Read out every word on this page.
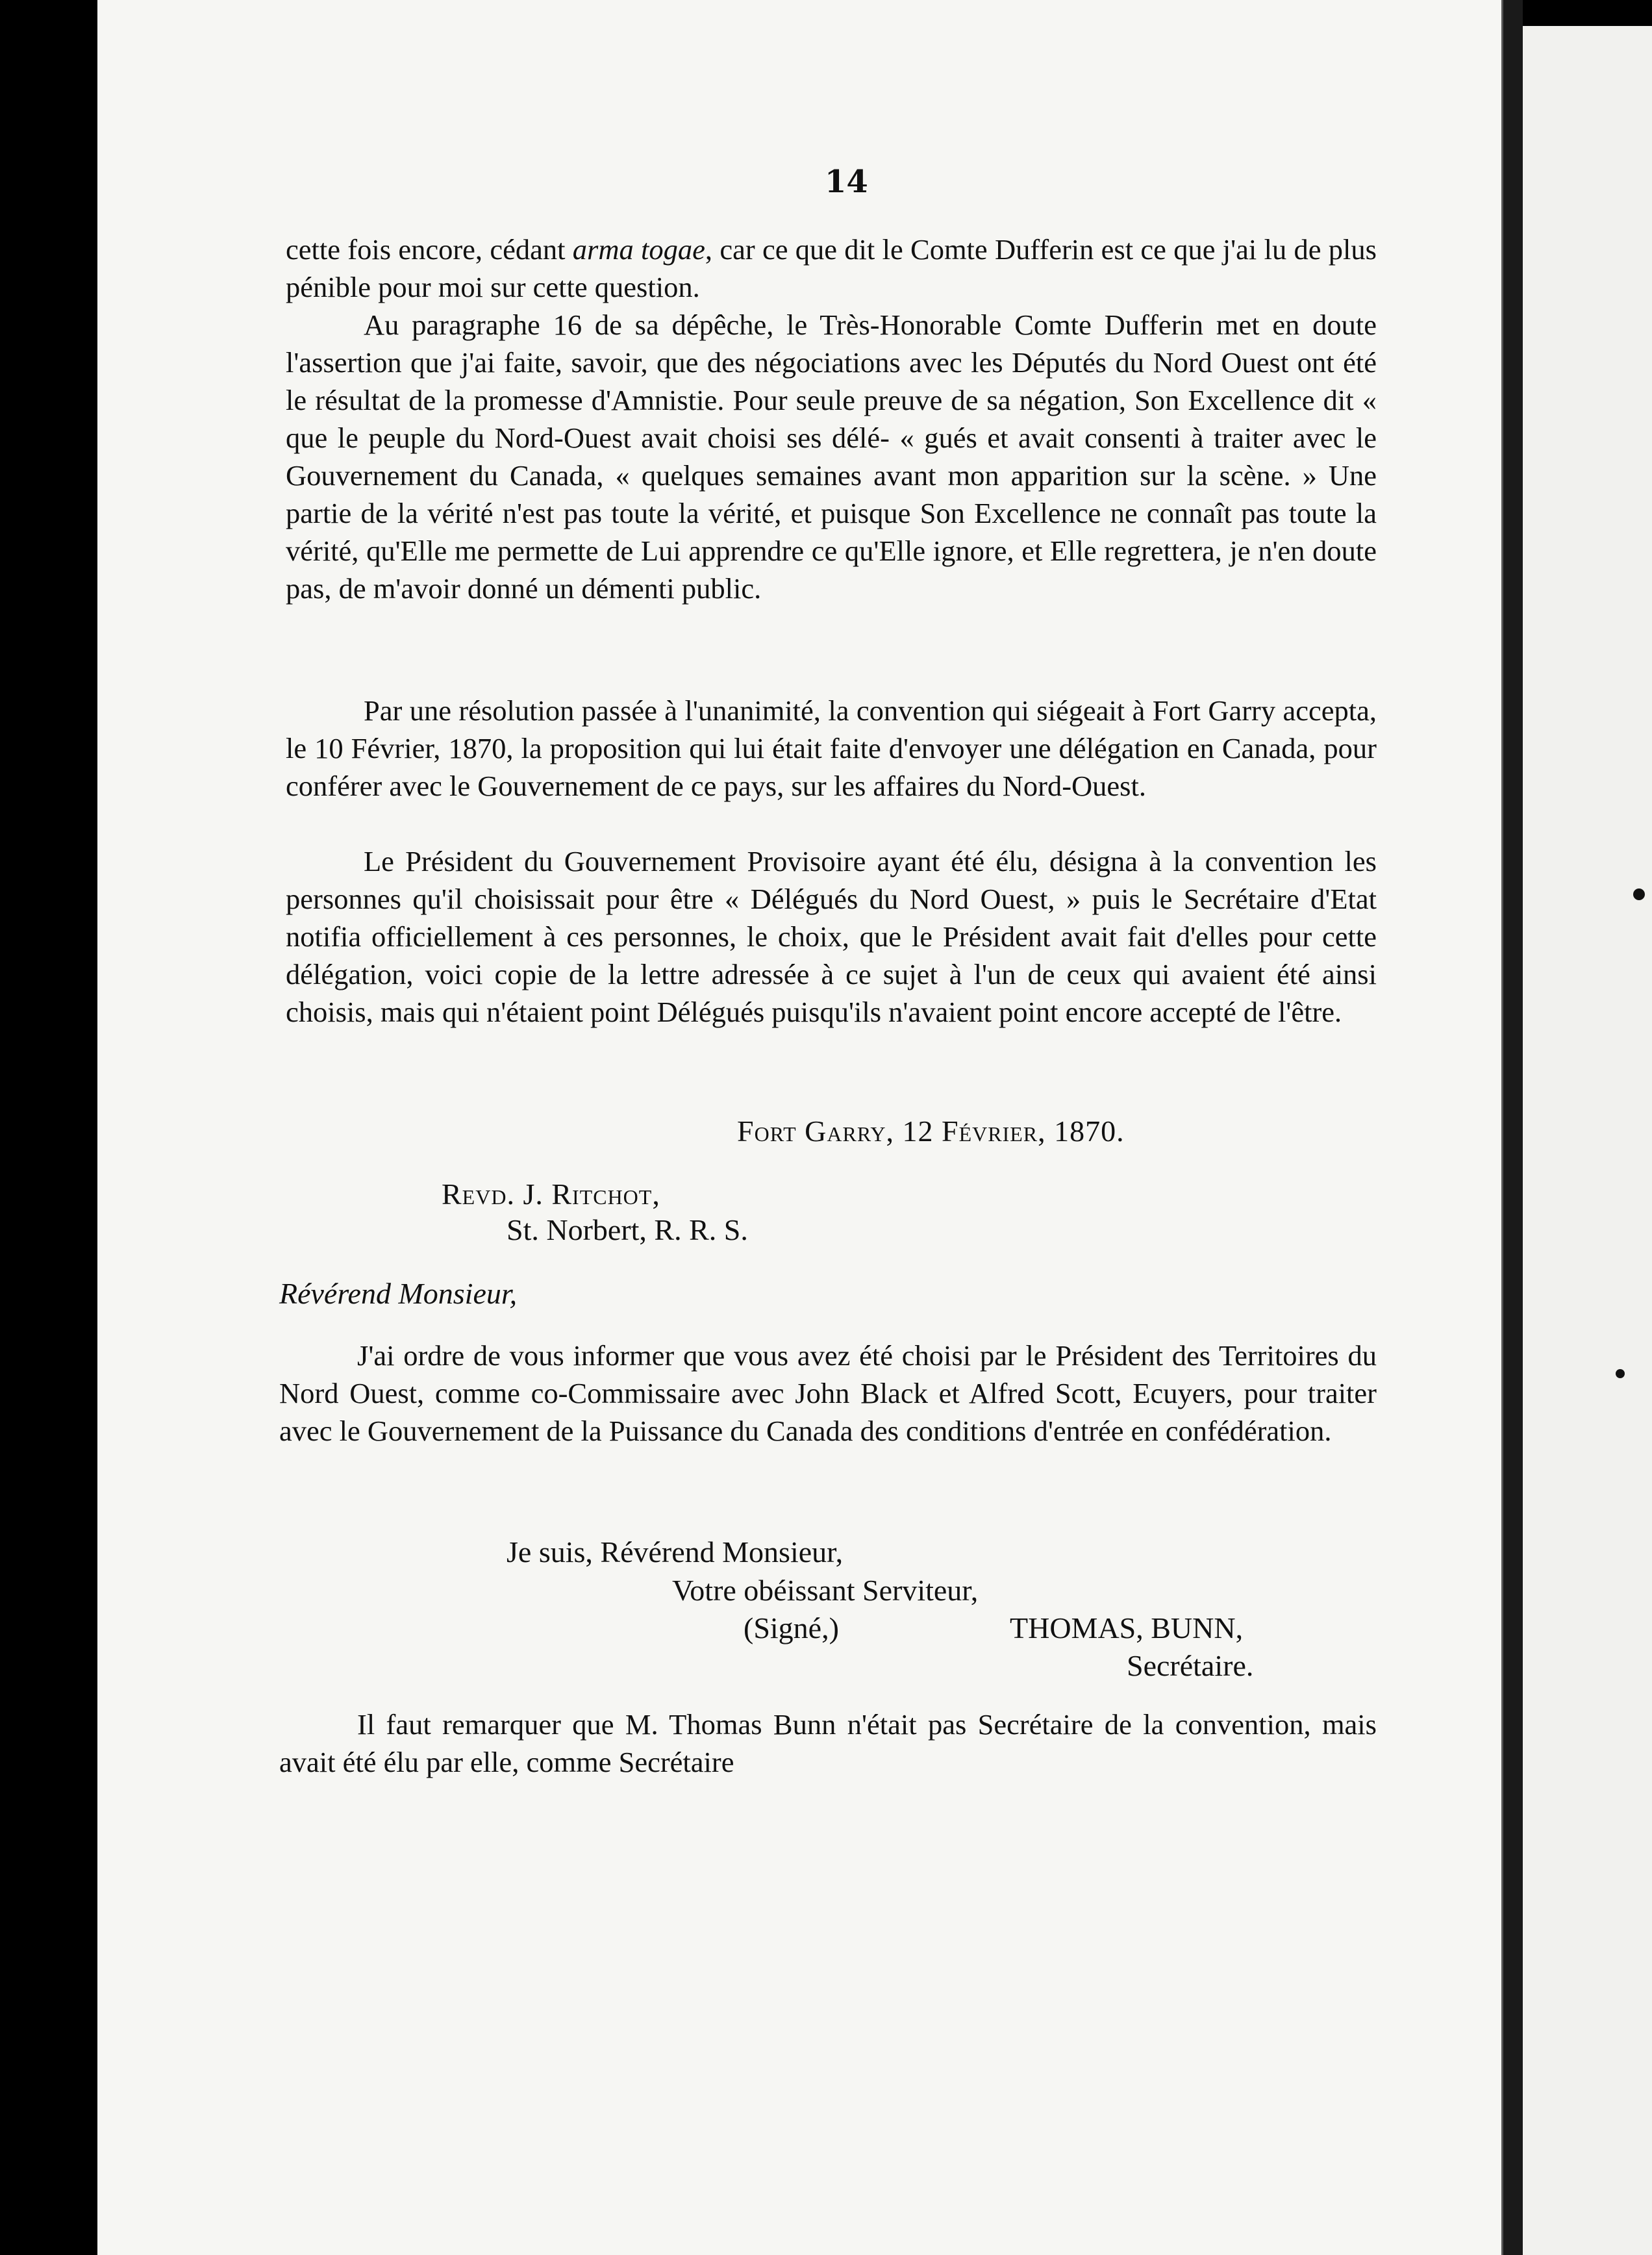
14

cette fois encore, cédant arma togae, car ce que dit le Comte Dufferin est ce que j'ai lu de plus pénible pour moi sur cette question.

Au paragraphe 16 de sa dépêche, le Très-Honorable Comte Dufferin met en doute l'assertion que j'ai faite, savoir, que des négociations avec les Députés du Nord Ouest ont été le résultat de la promesse d'Amnistie. Pour seule preuve de sa négation, Son Excellence dit « que le peuple du Nord-Ouest avait choisi ses délé- « gués et avait consenti à traiter avec le Gouvernement du Canada, « quelques semaines avant mon apparition sur la scène. » Une partie de la vérité n'est pas toute la vérité, et puisque Son Excellence ne connaît pas toute la vérité, qu'Elle me permette de Lui apprendre ce qu'Elle ignore, et Elle regrettera, je n'en doute pas, de m'avoir donné un démenti public.

Par une résolution passée à l'unanimité, la convention qui siégeait à Fort Garry accepta, le 10 Février, 1870, la proposition qui lui était faite d'envoyer une délégation en Canada, pour conférer avec le Gouvernement de ce pays, sur les affaires du Nord-Ouest.

Le Président du Gouvernement Provisoire ayant été élu, désigna à la convention les personnes qu'il choisissait pour être « Délégués du Nord Ouest, » puis le Secrétaire d'Etat notifia officiellement à ces personnes, le choix, que le Président avait fait d'elles pour cette délégation, voici copie de la lettre adressée à ce sujet à l'un de ceux qui avaient été ainsi choisis, mais qui n'étaient point Délégués puisqu'ils n'avaient point encore accepté de l'être.

Fort Garry, 12 Février, 1870.
Revd. J. Ritchot,
St. Norbert, R. R. S.
Révérend Monsieur,

J'ai ordre de vous informer que vous avez été choisi par le Président des Territoires du Nord Ouest, comme co-Commissaire avec John Black et Alfred Scott, Ecuyers, pour traiter avec le Gouvernement de la Puissance du Canada des conditions d'entrée en confédération.

Je suis, Révérend Monsieur,
Votre obéissant Serviteur,
(Signé,)	THOMAS, BUNN,
Secrétaire.

Il faut remarquer que M. Thomas Bunn n'était pas Secrétaire de la convention, mais avait été élu par elle, comme Secrétaire
